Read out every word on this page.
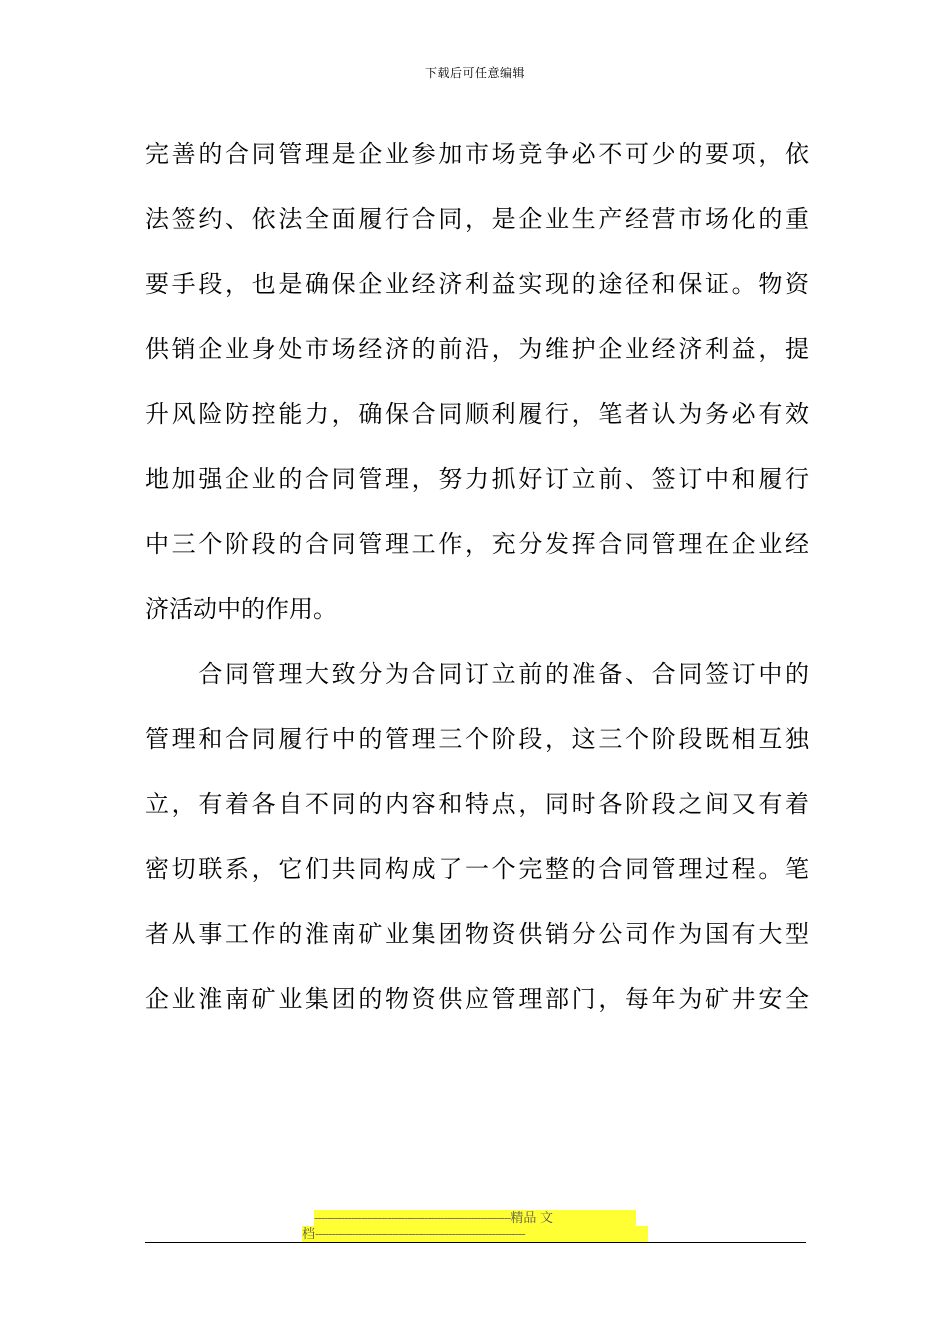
下载后可任意编辑
完善的合同管理是企业参加市场竞争必不可少的要项，依
法签约、依法全面履行合同，是企业生产经营市场化的重
要手段，也是确保企业经济利益实现的途径和保证。物资
供销企业身处市场经济的前沿，为维护企业经济利益，提
升风险防控能力，确保合同顺利履行，笔者认为务必有效
地加强企业的合同管理，努力抓好订立前、签订中和履行
中三个阶段的合同管理工作，充分发挥合同管理在企业经
济活动中的作用。
　　合同管理大致分为合同订立前的准备、合同签订中的
管理和合同履行中的管理三个阶段，这三个阶段既相互独
立，有着各自不同的内容和特点，同时各阶段之间又有着
密切联系，它们共同构成了一个完整的合同管理过程。笔
者从事工作的淮南矿业集团物资供销分公司作为国有大型
企业淮南矿业集团的物资供应管理部门，每年为矿井安全
-----------------------------------------------------------精品 文
档---------------------------------------------------------------
